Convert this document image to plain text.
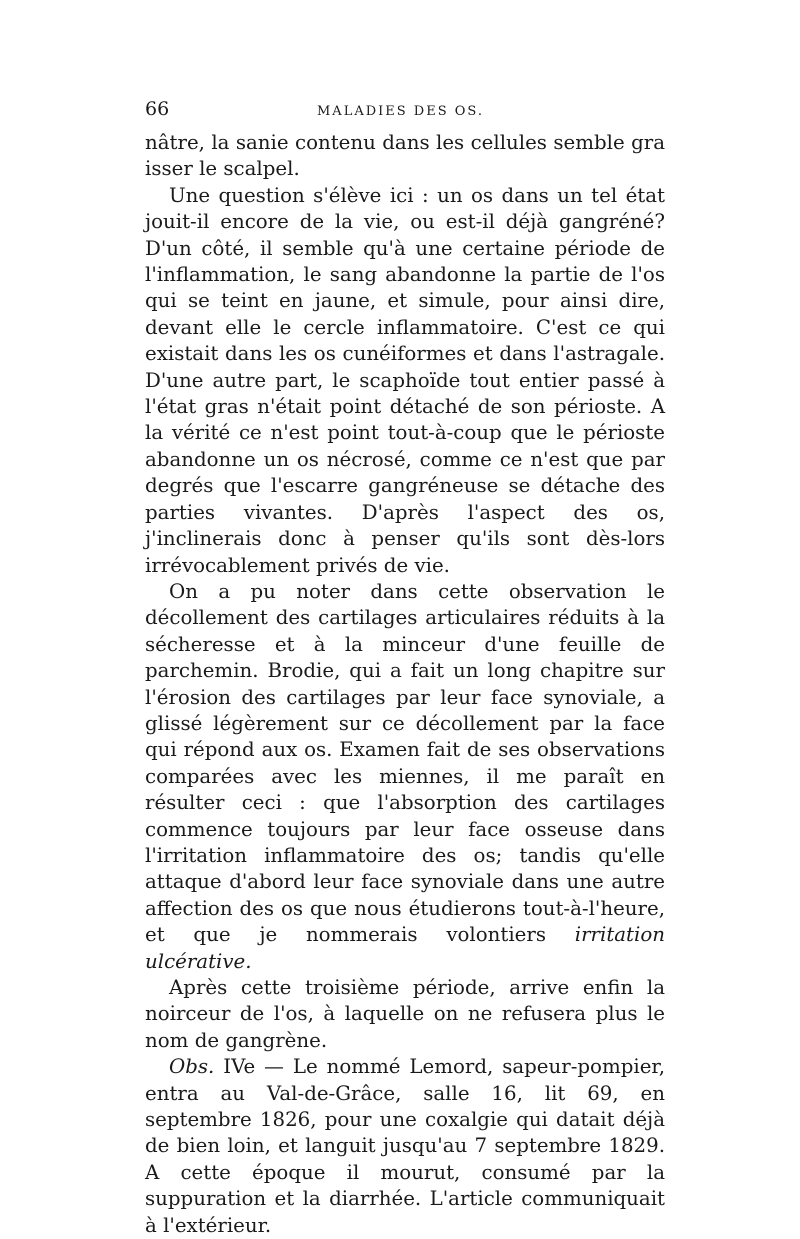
66	MALADIES DES OS.

nâtre, la sanie contenu dans les cellules semble gra isser le scalpel.

Une question s'élève ici : un os dans un tel état jouit-il encore de la vie, ou est-il déjà gangréné? D'un côté, il semble qu'à une certaine période de l'inflammation, le sang abandonne la partie de l'os qui se teint en jaune, et simule, pour ainsi dire, devant elle le cercle inflammatoire. C'est ce qui existait dans les os cunéiformes et dans l'astragale. D'une autre part, le scaphoïde tout entier passé à l'état gras n'était point détaché de son périoste. A la vérité ce n'est point tout-à-coup que le périoste abandonne un os nécrosé, comme ce n'est que par degrés que l'escarre gangréneuse se détache des parties vivantes. D'après l'aspect des os, j'inclinerais donc à penser qu'ils sont dès-lors irrévocablement privés de vie.

On a pu noter dans cette observation le décollement des cartilages articulaires réduits à la sécheresse et à la minceur d'une feuille de parchemin. Brodie, qui a fait un long chapitre sur l'érosion des cartilages par leur face synoviale, a glissé légèrement sur ce décollement par la face qui répond aux os. Examen fait de ses observations comparées avec les miennes, il me paraît en résulter ceci : que l'absorption des cartilages commence toujours par leur face osseuse dans l'irritation inflammatoire des os; tandis qu'elle attaque d'abord leur face synoviale dans une autre affection des os que nous étudierons tout-à-l'heure, et que je nommerais volontiers irritation ulcérative.

Après cette troisième période, arrive enfin la noirceur de l'os, à laquelle on ne refusera plus le nom de gangrène.

Obs. IVe — Le nommé Lemord, sapeur-pompier, entra au Val-de-Grâce, salle 16, lit 69, en septembre 1826, pour une coxalgie qui datait déjà de bien loin, et languit jusqu'au 7 septembre 1829. A cette époque il mourut, consumé par la suppuration et la diarrhée. L'article communiquait à l'extérieur.
